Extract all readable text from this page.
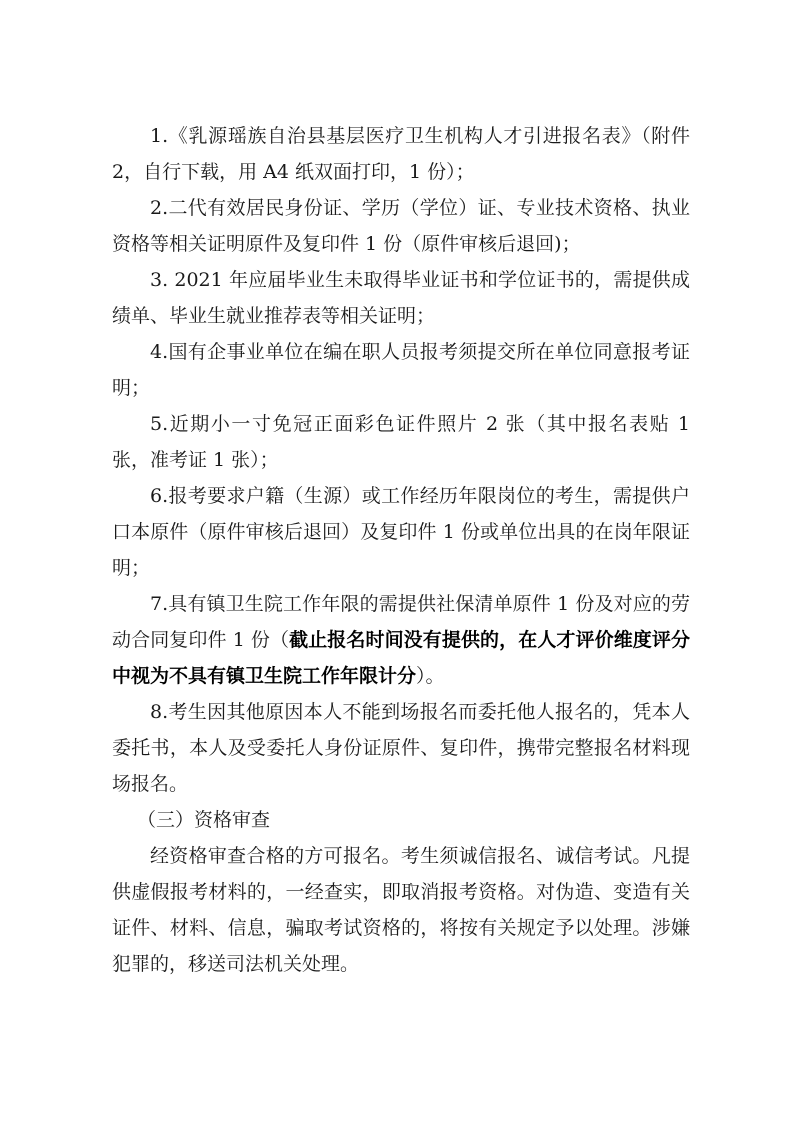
1.《乳源瑶族自治县基层医疗卫生机构人才引进报名表》（附件 2，自行下载，用 A4 纸双面打印，1 份）；

2.二代有效居民身份证、学历（学位）证、专业技术资格、执业资格等相关证明原件及复印件 1 份（原件审核后退回)；

3. 2021 年应届毕业生未取得毕业证书和学位证书的，需提供成绩单、毕业生就业推荐表等相关证明；

4.国有企事业单位在编在职人员报考须提交所在单位同意报考证明；

5.近期小一寸免冠正面彩色证件照片 2 张（其中报名表贴 1 张，准考证 1 张）；

6.报考要求户籍（生源）或工作经历年限岗位的考生，需提供户口本原件（原件审核后退回）及复印件 1 份或单位出具的在岗年限证明；

7.具有镇卫生院工作年限的需提供社保清单原件 1 份及对应的劳动合同复印件 1 份（截止报名时间没有提供的，在人才评价维度评分中视为不具有镇卫生院工作年限计分）。

8.考生因其他原因本人不能到场报名而委托他人报名的，凭本人委托书，本人及受委托人身份证原件、复印件，携带完整报名材料现场报名。

（三）资格审查

经资格审查合格的方可报名。考生须诚信报名、诚信考试。凡提供虚假报考材料的，一经查实，即取消报考资格。对伪造、变造有关证件、材料、信息，骗取考试资格的，将按有关规定予以处理。涉嫌犯罪的，移送司法机关处理。
